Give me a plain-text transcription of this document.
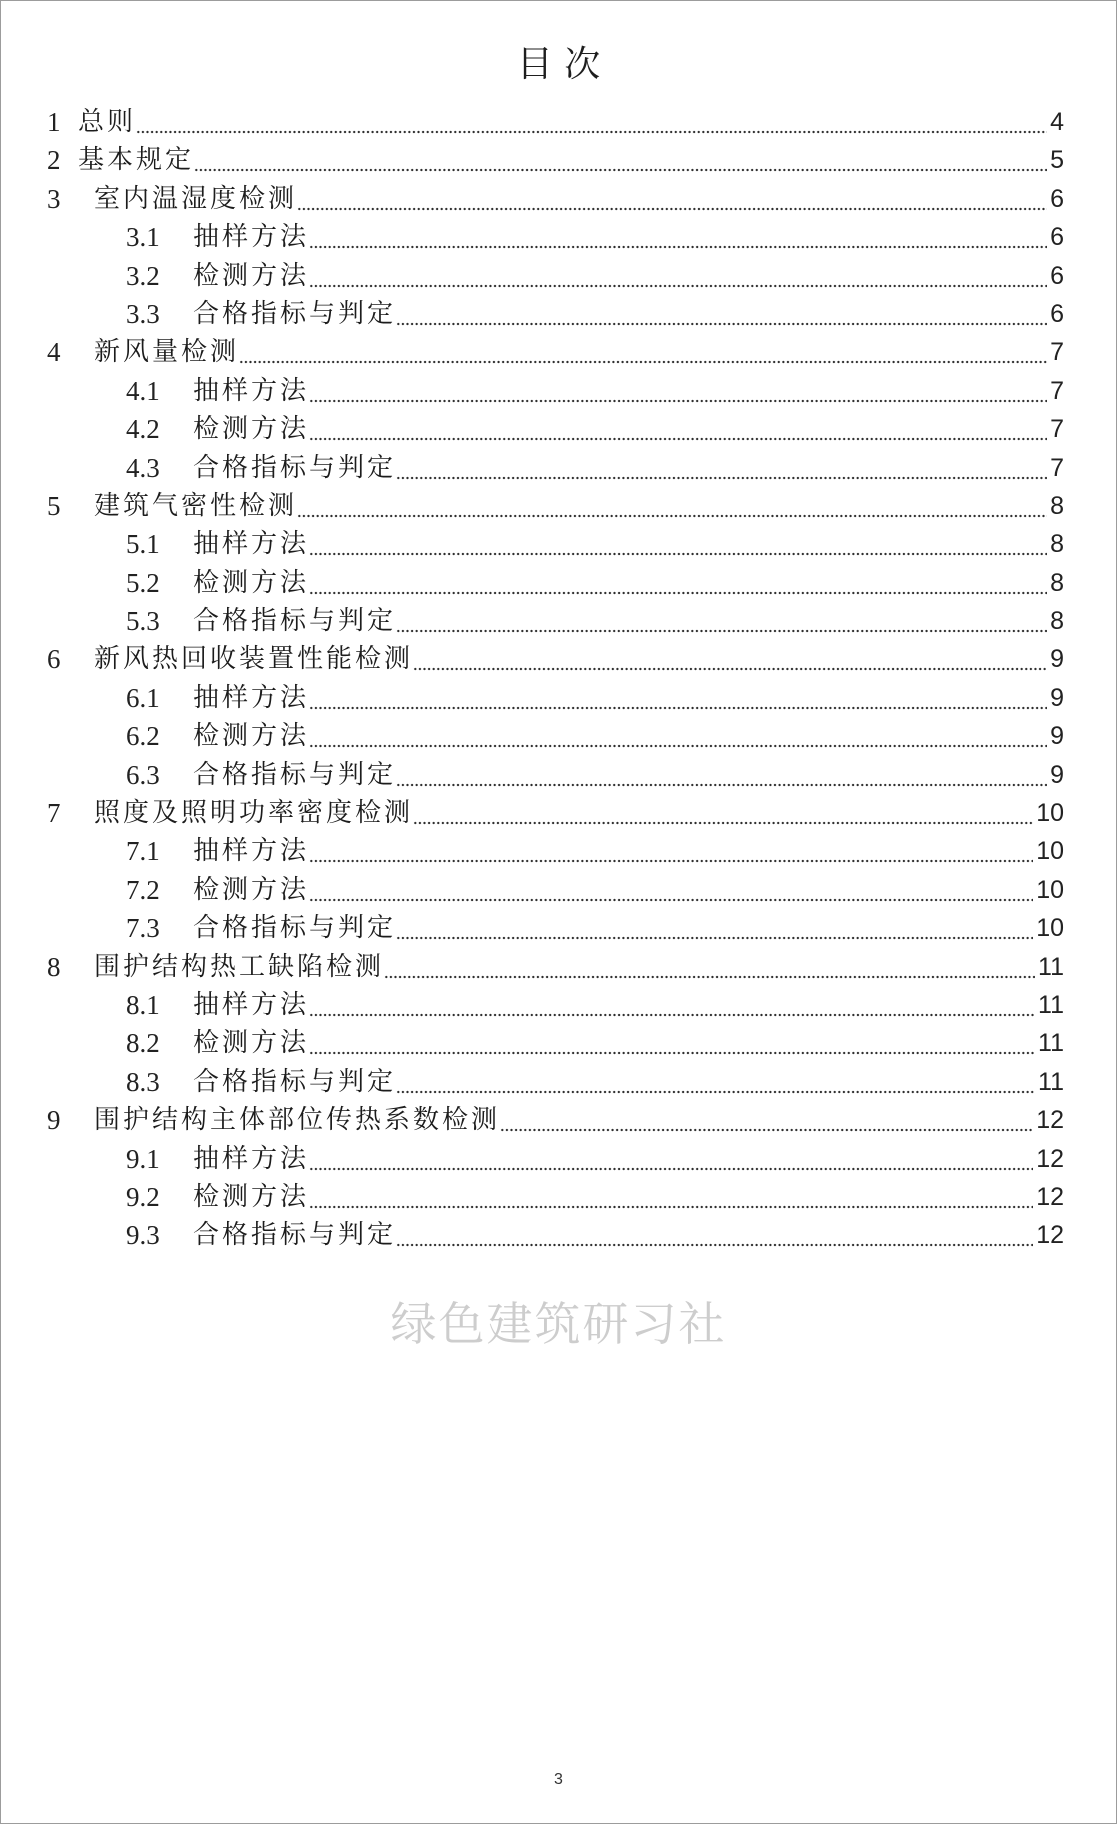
目 次
1 总则	4
2 基本规定	5
3	室内温湿度检测	6
3.1	抽样方法	6
3.2	检测方法	6
3.3	合格指标与判定	6
4	新风量检测	7
4.1	抽样方法	7
4.2	检测方法	7
4.3	合格指标与判定	7
5	建筑气密性检测	8
5.1	抽样方法	8
5.2	检测方法	8
5.3	合格指标与判定	8
6	新风热回收装置性能检测	9
6.1	抽样方法	9
6.2	检测方法	9
6.3	合格指标与判定	9
7	照度及照明功率密度检测	10
7.1	抽样方法	10
7.2	检测方法	10
7.3	合格指标与判定	10
8	围护结构热工缺陷检测	11
8.1	抽样方法	11
8.2	检测方法	11
8.3	合格指标与判定	11
9	围护结构主体部位传热系数检测	12
9.1	抽样方法	12
9.2	检测方法	12
9.3	合格指标与判定	12
绿色建筑研习社
3
